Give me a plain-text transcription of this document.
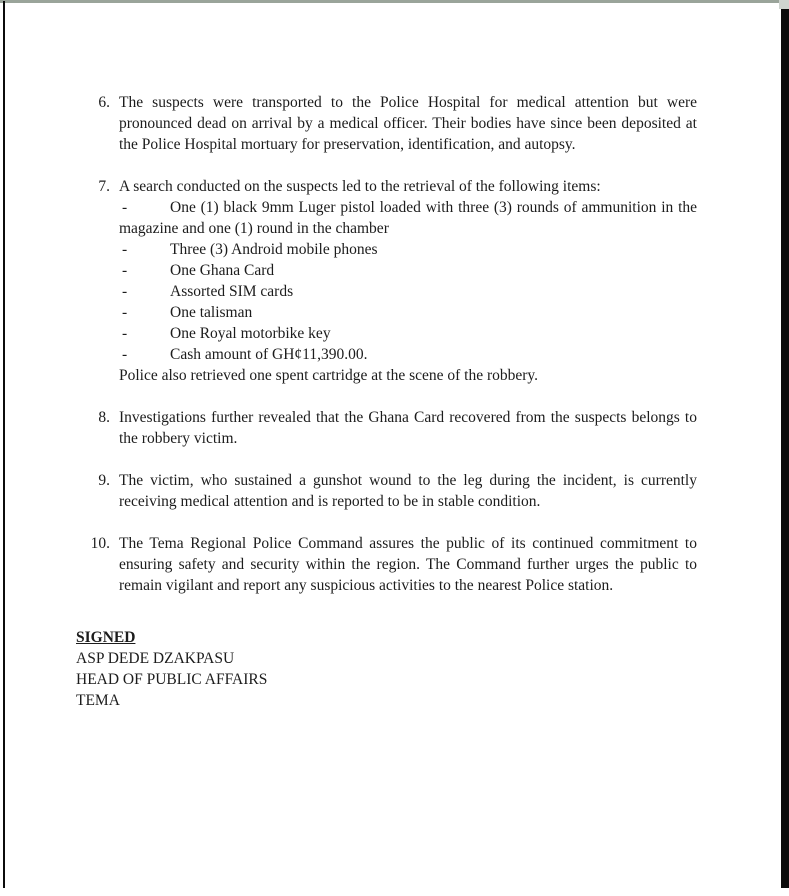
6. The suspects were transported to the Police Hospital for medical attention but were
pronounced dead on arrival by a medical officer. Their bodies have since been deposited at
the Police Hospital mortuary for preservation, identification, and autopsy.
7. A search conducted on the suspects led to the retrieval of the following items:
-	One (1) black 9mm Luger pistol loaded with three (3) rounds of ammunition in the
magazine and one (1) round in the chamber
-	Three (3) Android mobile phones
-	One Ghana Card
-	Assorted SIM cards
-	One talisman
-	One Royal motorbike key
-	Cash amount of GH¢11,390.00.
Police also retrieved one spent cartridge at the scene of the robbery.
8. Investigations further revealed that the Ghana Card recovered from the suspects belongs to
the robbery victim.
9. The victim, who sustained a gunshot wound to the leg during the incident, is currently
receiving medical attention and is reported to be in stable condition.
10. The Tema Regional Police Command assures the public of its continued commitment to
ensuring safety and security within the region. The Command further urges the public to
remain vigilant and report any suspicious activities to the nearest Police station.
SIGNED
ASP DEDE DZAKPASU
HEAD OF PUBLIC AFFAIRS
TEMA
